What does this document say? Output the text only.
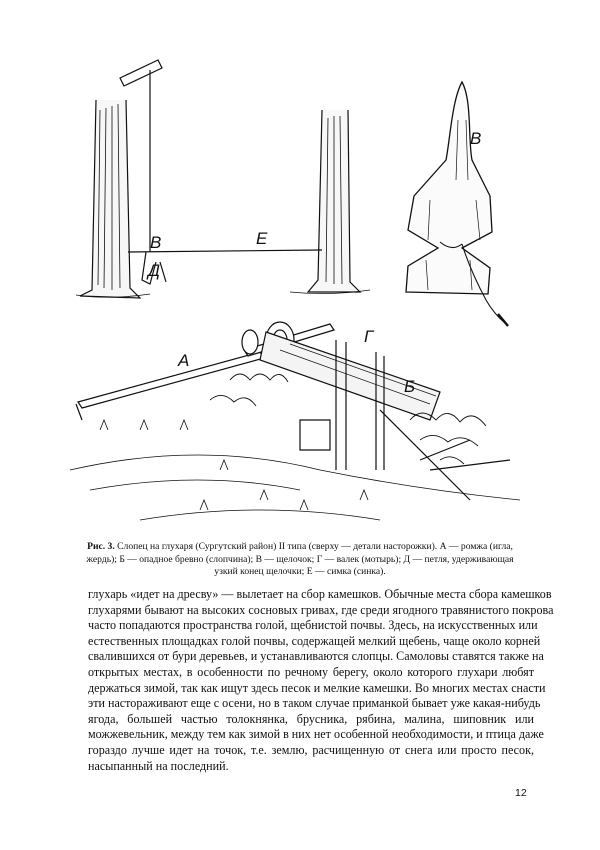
В	Е
Д
В
А
Г
Б
Рис. 3. Слопец на глухаря (Сургутский район) II типа (сверху — детали насторожки). А — ромжа (игла,
жердь); Б — опадное бревно (слопчина); В — щелочок; Г — валек (мотырь); Д — петля, удерживающая
узкий конец щелочки; Е — симка (синка).
глухарь «идет на дресву» — вылетает на сбор камешков. Обычные места сбора камешков
глухарями бывают на высоких сосновых гривах, где среди ягодного травянистого покрова
часто попадаются пространства голой, щебнистой почвы. Здесь, на искусственных или
естественных площадках голой почвы, содержащей мелкий щебень, чаще около корней
свалившихся от бури деревьев, и устанавливаются слопцы. Самоловы ставятся также на
открытых местах, в особенности по речному берегу, около которого глухари любят
держаться зимой, так как ищут здесь песок и мелкие камешки. Во многих местах снасти
эти настораживают еще с осени, но в таком случае приманкой бывает уже какая-нибудь
ягода, большей частью толокнянка, брусника, рябина, малина, шиповник или
можжевельник, между тем как зимой в них нет особенной необходимости, и птица даже
гораздо лучше идет на точок, т.е. землю, расчищенную от снега или просто песок,
насыпанный на последний.
12
